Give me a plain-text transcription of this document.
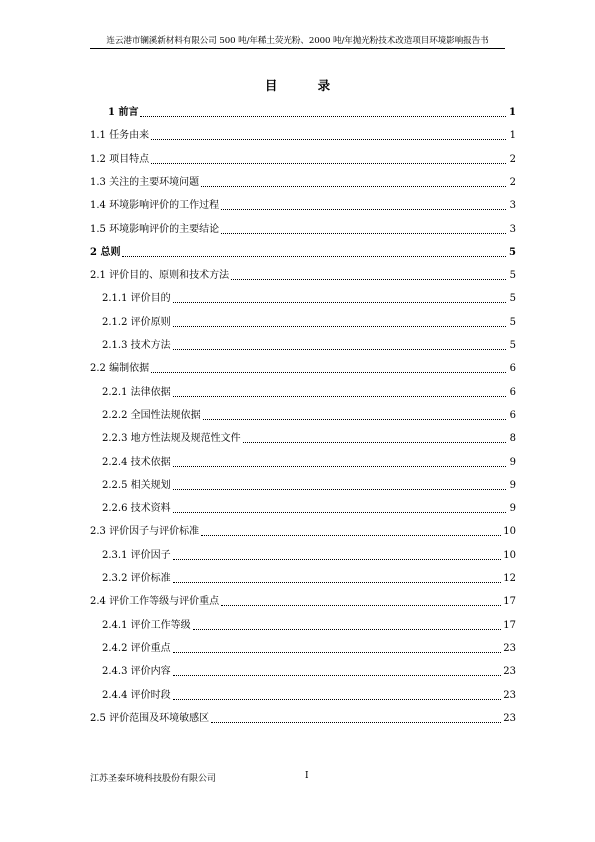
连云港市镧溪新材料有限公司 500 吨/年稀土荧光粉、2000 吨/年抛光粉技术改造项目环境影响报告书
目 录
1 前言	1
1.1 任务由来	1
1.2 项目特点	2
1.3 关注的主要环境问题	2
1.4 环境影响评价的工作过程	3
1.5 环境影响评价的主要结论	3
2 总则	5
2.1 评价目的、原则和技术方法	5
2.1.1 评价目的	5
2.1.2 评价原则	5
2.1.3 技术方法	5
2.2 编制依据	6
2.2.1 法律依据	6
2.2.2 全国性法规依据	6
2.2.3 地方性法规及规范性文件	8
2.2.4 技术依据	9
2.2.5 相关规划	9
2.2.6 技术资料	9
2.3 评价因子与评价标准	10
2.3.1 评价因子	10
2.3.2 评价标准	12
2.4 评价工作等级与评价重点	17
2.4.1 评价工作等级	17
2.4.2 评价重点	23
2.4.3 评价内容	23
2.4.4 评价时段	23
2.5 评价范围及环境敏感区	23
江苏圣泰环境科技股份有限公司	I
